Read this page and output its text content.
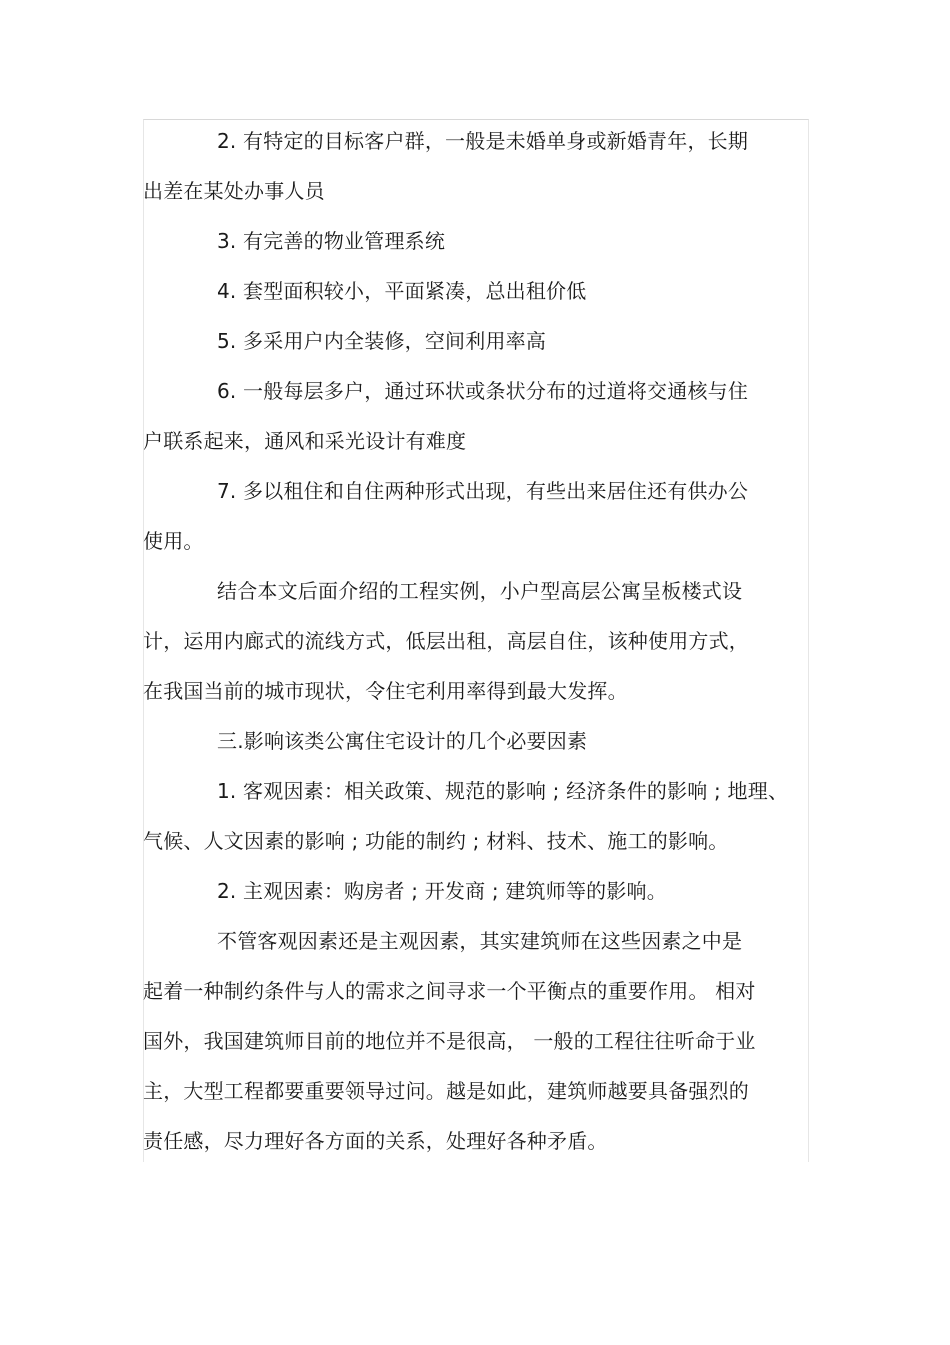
2. 有特定的目标客户群，一般是未婚单身或新婚青年，长期
出差在某处办事人员
3. 有完善的物业管理系统
4. 套型面积较小，平面紧凑，总出租价低
5. 多采用户内全装修，空间利用率高
6. 一般每层多户，通过环状或条状分布的过道将交通核与住
户联系起来，通风和采光设计有难度
7. 多以租住和自住两种形式出现，有些出来居住还有供办公
使用。
结合本文后面介绍的工程实例，小户型高层公寓呈板楼式设
计，运用内廊式的流线方式，低层出租，高层自住，该种使用方式，
在我国当前的城市现状，令住宅利用率得到最大发挥。
三.影响该类公寓住宅设计的几个必要因素
1. 客观因素：相关政策、规范的影响 ; 经济条件的影响 ; 地理、
气候、人文因素的影响 ; 功能的制约 ; 材料、技术、施工的影响。
2. 主观因素：购房者 ; 开发商 ; 建筑师等的影响。
不管客观因素还是主观因素，其实建筑师在这些因素之中是
起着一种制约条件与人的需求之间寻求一个平衡点的重要作用。 相对
国外，我国建筑师目前的地位并不是很高， 一般的工程往往听命于业
主，大型工程都要重要领导过问。越是如此，建筑师越要具备强烈的
责任感，尽力理好各方面的关系，处理好各种矛盾。
